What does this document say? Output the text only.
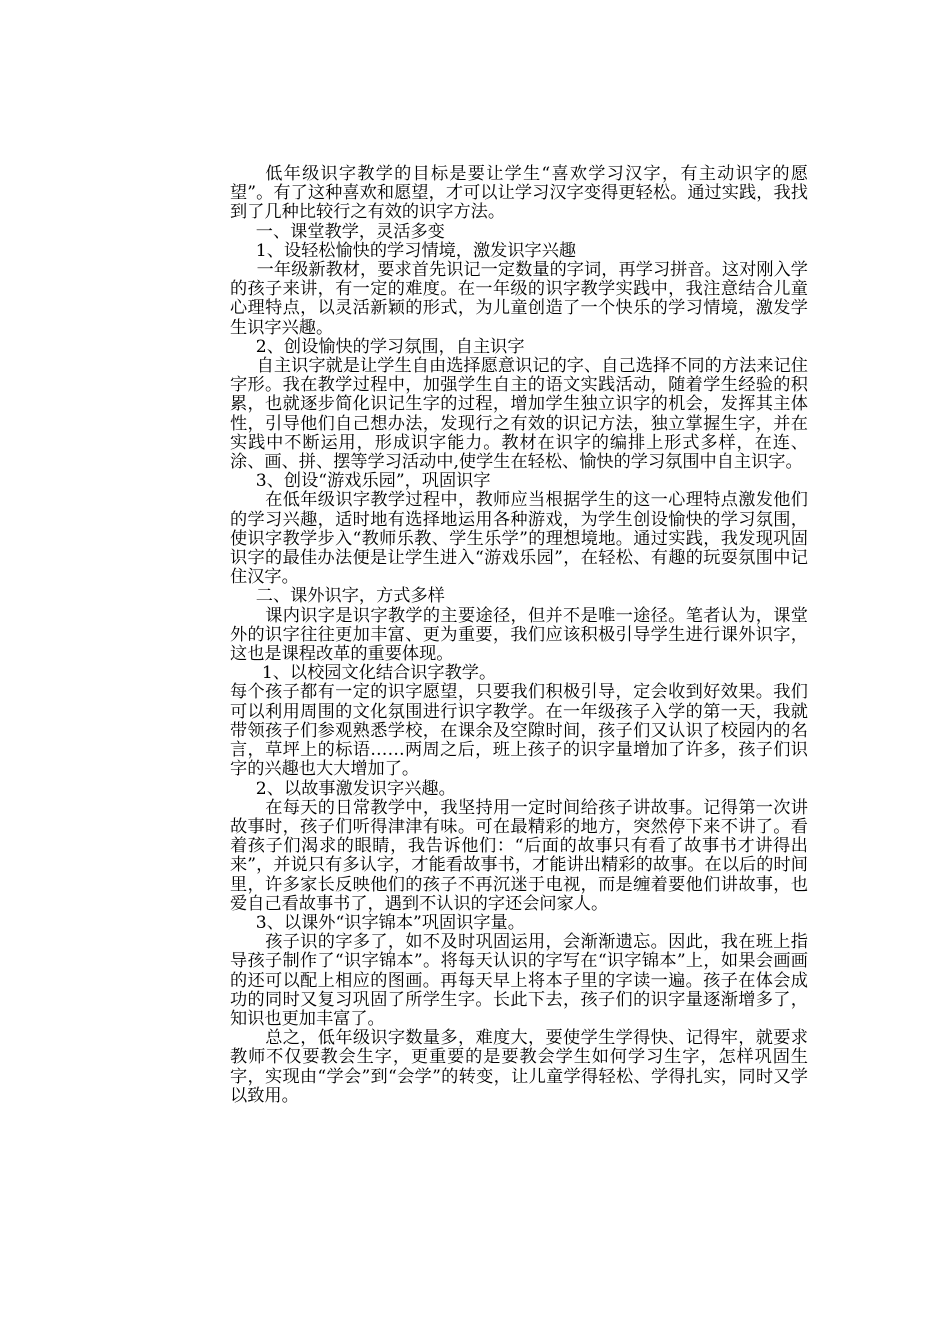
低年级识字教学的目标是要让学生“喜欢学习汉字，有主动识字的愿望”。有了这种喜欢和愿望，才可以让学习汉字变得更轻松。通过实践，我找到了几种比较行之有效的识字方法。

一、课堂教学，灵活多变

1、设轻松愉快的学习情境，激发识字兴趣

一年级新教材，要求首先识记一定数量的字词，再学习拼音。这对刚入学的孩子来讲，有一定的难度。在一年级的识字教学实践中，我注意结合儿童心理特点，以灵活新颖的形式，为儿童创造了一个快乐的学习情境，激发学生识字兴趣。

2、创设愉快的学习氛围，自主识字

自主识字就是让学生自由选择愿意识记的字、自己选择不同的方法来记住字形。我在教学过程中，加强学生自主的语文实践活动，随着学生经验的积累，也就逐步简化识记生字的过程，增加学生独立识字的机会，发挥其主体性，引导他们自己想办法，发现行之有效的识记方法，独立掌握生字，并在实践中不断运用，形成识字能力。教材在识字的编排上形式多样，在连、涂、画、拼、摆等学习活动中,使学生在轻松、愉快的学习氛围中自主识字。

3、创设“游戏乐园”，巩固识字

在低年级识字教学过程中，教师应当根据学生的这一心理特点激发他们的学习兴趣，适时地有选择地运用各种游戏，为学生创设愉快的学习氛围，使识字教学步入“教师乐教、学生乐学”的理想境地。通过实践，我发现巩固识字的最佳办法便是让学生进入“游戏乐园”，在轻松、有趣的玩耍氛围中记住汉字。

二、课外识字，方式多样

课内识字是识字教学的主要途径，但并不是唯一途径。笔者认为，课堂外的识字往往更加丰富、更为重要，我们应该积极引导学生进行课外识字，这也是课程改革的重要体现。

1、以校园文化结合识字教学。

每个孩子都有一定的识字愿望，只要我们积极引导，定会收到好效果。我们可以利用周围的文化氛围进行识字教学。在一年级孩子入学的第一天，我就带领孩子们参观熟悉学校，在课余及空隙时间，孩子们又认识了校园内的名言，草坪上的标语……两周之后，班上孩子的识字量增加了许多，孩子们识字的兴趣也大大增加了。

2、以故事激发识字兴趣。

在每天的日常教学中，我坚持用一定时间给孩子讲故事。记得第一次讲故事时，孩子们听得津津有味。可在最精彩的地方，突然停下来不讲了。看着孩子们渴求的眼睛，我告诉他们：“后面的故事只有看了故事书才讲得出来”，并说只有多认字，才能看故事书，才能讲出精彩的故事。在以后的时间里，许多家长反映他们的孩子不再沉迷于电视，而是缠着要他们讲故事，也爱自己看故事书了，遇到不认识的字还会问家人。

3、以课外“识字锦本”巩固识字量。

孩子识的字多了，如不及时巩固运用，会渐渐遗忘。因此，我在班上指导孩子制作了“识字锦本”。将每天认识的字写在“识字锦本”上，如果会画画的还可以配上相应的图画。再每天早上将本子里的字读一遍。孩子在体会成功的同时又复习巩固了所学生字。长此下去，孩子们的识字量逐渐增多了，知识也更加丰富了。

总之，低年级识字数量多，难度大，要使学生学得快、记得牢，就要求教师不仅要教会生字，更重要的是要教会学生如何学习生字，怎样巩固生字，实现由“学会”到“会学”的转变，让儿童学得轻松、学得扎实，同时又学以致用。
